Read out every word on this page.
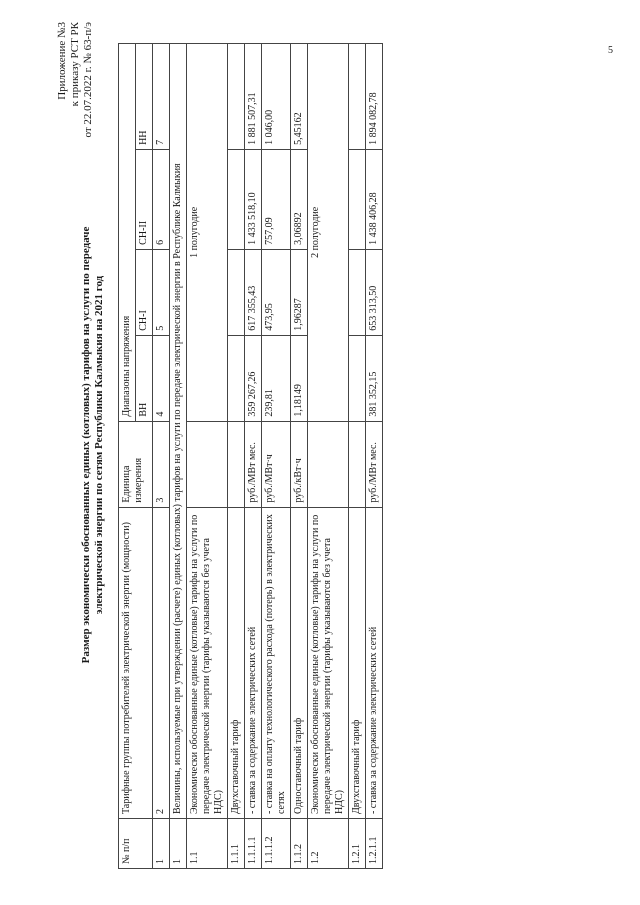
5
Приложение №3 к приказу РСТ РК от 22.07.2022 г. № 63-п/э
Размер экономически обоснованных единых (котловых) тарифов на услуги по передаче электрической энергии по сетям Республики Калмыкия на 2021 год
№ п/п	Тарифные группы потребителей электрической энергии (мощности)	Единица измерения	Диапазоны напряжения			
			ВН	СН-I	СН-II	НН
1	2	3	4	5	6	7
1	Величины, используемые при утверждении (расчете) единых (котловых) тарифов на услуги по передаче электрической энергии в Республике Калмыкия					
1.1	Экономически обоснованные единые (котловые) тарифы на услуги по передаче электрической энергии (тарифы указываются без учета НДС)		1 полугодие			
1.1.1	Двухставочный тариф					
1.1.1.1	- ставка за содержание электрических сетей	руб./МВт мес.	359 267,26	617 355,43	1 433 518,10	1 881 507,31
1.1.1.2	- ставка на оплату технологического расхода (потерь) в электрических сетях	руб./МВт·ч	239,81	473,95	757,09	1 046,00
1.1.2	Одноставочный тариф	руб./кВт·ч	1,18149	1,96287	3,06892	5,45162
1.2	Экономически обоснованные единые (котловые) тарифы на услуги по передаче электрической энергии (тарифы указываются без учета НДС)		2 полугодие			
1.2.1	Двухставочный тариф					
1.2.1.1	- ставка за содержание электрических сетей	руб./МВт мес.	381 352,15	653 313,50	1 438 406,28	1 894 082,78
